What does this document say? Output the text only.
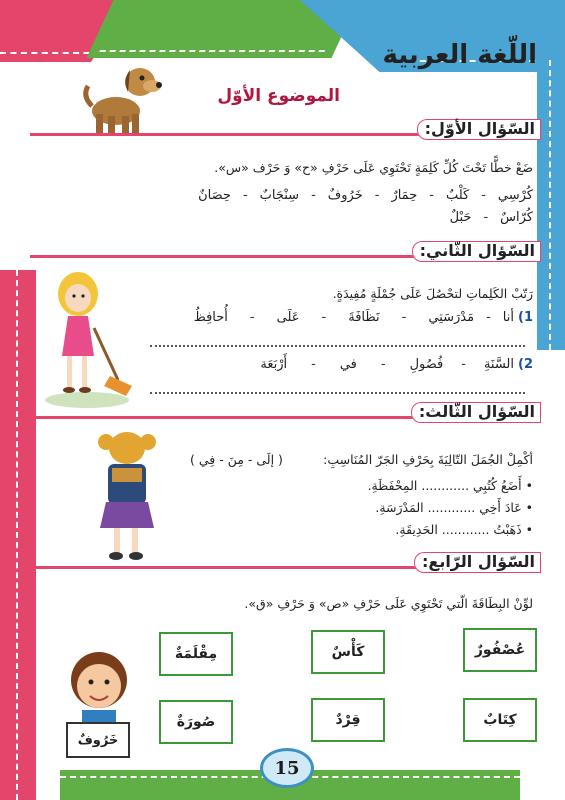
اللّغة العربية
الموضوع الأوّل
السّؤال الأوّل:
ضَعْ خطًّا تَحْتَ كُلِّ كَلِمَةٍ تَحْتَوِي عَلَى حَرْفِ «ح» وَ حَرْف «س».
كُرْسِي
-
كَلْبٌ
-
حِمَارٌ
-
خَرُوفٌ
-
سِنْجَابٌ
-
حِصَانٌ
كُرّاسٌ
-
حَبْلٌ
السّؤال الثّاني:
رَتّبْ الكَلِماتِ لتحْصُلَ عَلَى جُمْلَةٍ مُفِيدَةٍ.
1)
أنا
-
مَدْرَسَتِي
-
نَظَافَةَ
-
عَلَى
-
أُحافِظُ
2)
السَّنَةِ
-
فُصُولِ
-
في
-
أَرْبَعَة
السّؤال الثّالث:
أكْمِلْ الجُمَلَ التّالِيَةَ بِحَرْفِ الجَرّ المُنَاسِبِ:
( إلَى - مِنَ - فِي )
• أَضَعُ كُتُبِي ............ المِحْفَظَةِ.
• عَادَ أَخِي ............ المَدْرَسَةِ.
• ذَهَبْتُ ............ الحَدِيقَةِ.
السّؤال الرّابع:
لوِّنْ البِطَاقَةَ الّتي تَحْتَوِي عَلَى حَرْفِ «ص» وَ حَرْفِ «ق».
عُصْفُورٌ
كَأْسٌ
مِقْلَمَةٌ
كِتَابٌ
قِرْدٌ
صُورَةٌ
خَرُوفٌ
15
